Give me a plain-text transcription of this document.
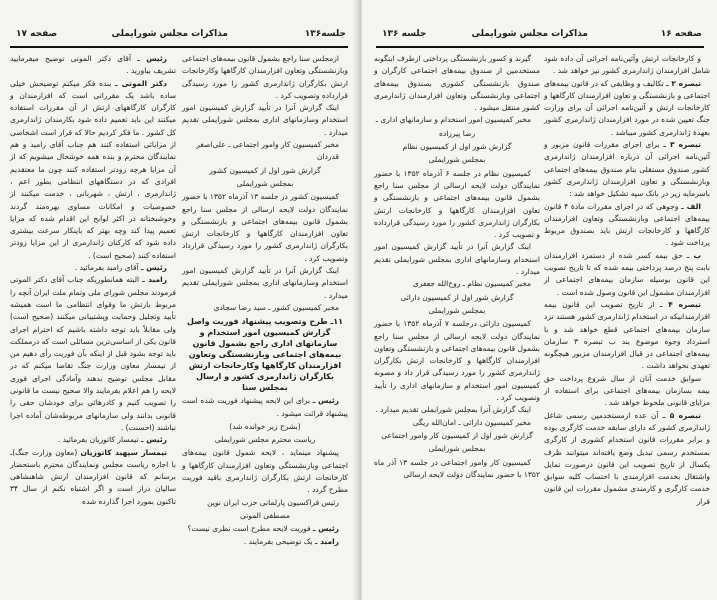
جلسه۱۳۶
مذاکرات مجلس شورایملی
صفحه ۱۷
ازمجلس سنا راجع بشمول قانون بیمه‌های اجتماعی وبازنشستگی وتعاون افزارمندان کارگاهها وکارخانجات ارتش بکارگران ژاندارمری کشور را مورد رسیدگی قرارداده وتصویب کرد .
اینک گزارش آنرا در تأیید گزارش کمیسیون امور استخدام وسازمانهای اداری بمجلس شورایملی تقدیم میدارد .
مخبر کمیسیون کار وامور اجتماعی ـ علی‌اصغر قدردان
گزارش شور اول از کمیسیون کشور
بمجلس شورایملی
کمیسیون کشور در جلسه ۱۳ آذرماه ۱۳۵۲ با حضور نمایندگان دولت لایحه ارسالی از مجلس سنا راجع بشمول قانون بیمه‌های اجتماعی و بازنشستگی و تعاون افزارمندان کارگاهها و کارخانجات ارتش بکارگران ژاندارمری کشور را مورد رسیدگی قرارداد وتصویب کرد .
اینک گزارش آنرا در تأیید گزارش کمیسیون امور استخدام وسازمانهای اداری بمجلس شورایملی تقدیم میدارد .
مخبر کمیسیون کشور ـ سید رضا سجادی
۱۱ـ طرح وتصویب پیشنهاد فوریت واصل گزارش کمیسیون امور استخدام و سازمانهای اداری راجع بشمول قانون بیمه‌های اجتماعی وبازنشستگی وتعاون افزارمندان کارگاهها وکارخانجات ارتش بکارگران ژاندارمری کشور و ارسال بمجلس سنا
رئیس ـ برای این لایحه پیشنهاد فوریت شده است پیشنهاد قرائت میشود .
(بشرح زیر خوانده شد)
ریاست محترم مجلس شورایملی
پیشنهاد مینماید ، لایحه شمول قانون بیمه‌های اجتماعی وبازنشستگی وتعاون افزارمندان کارگاهها و کارخانجات ارتش بکارگران ژاندارمری باقید فوریت مطرح گردد .
رئیس فراکسیون پارلمانی حزب ایران نوین
مصطفی الموتی
رئیس ـ فوریت لایحه مطرح است نظری نیست؟
رامبد ـ یک توضیحی بفرمایند .
رئیس ـ آقای دکتر الموتی توضیح میفرمایید تشریف بیاورید .
دکتر الموتی ـ بنده فکر میکنم توضیحش خیلی ساده باشد یک مقرراتی است که افزارمندان و کارگران کارگاههای ارتش از آن مقررات استفاده میکنند این باید تعمیم داده شود بکارمندان ژاندارمری کل کشور . ما فکر کردیم حالا که قرار است اشخاصی از مزایائی استفاده کنند هم جناب آقای رامبد و هم نمایندگان محترم و بنده همه خوشحال میشویم که از آن مزایا هرچه زودتر استفاده کنند چون ما معتقدیم افرادی که در دستگاههای انتظامی بطور اعم ، ژاندارمری ، ارتش ، شهربانی ، خدمت میکنند از خصوصیات و امکانات مساوی بهره‌مند گردند وخوشبختانه در اکثر لوایح این اقدام شده که مزایا تعمیم پیدا کند وچه بهتر که باینکار سرعت بیشتری داده شود که کارکنان ژاندارمری از این مزایا زودتر استفاده کنند (صحیح است) .
رئیس ـ آقای رامبد بفرمائید .
رامبد ـ البته همانطوریکه جناب آقای دکتر الموتی فرمودند مجلس شورای ملی وتمام ملت ایران آنچه را مربوط بارتش ما وقوای انتظامی ما است همیشه تأیید وتجلیل وحمایت وپشتیبانی میکنند (صحیح است) ولی مقابلاً باید توجه داشته باشیم که احترام اجرای قانون یکی از اساسی‌ترین مسائلی است که درمملکت باید توجه بشود قبل از اینکه بآن فوریت رأی دهیم من از تیمسار معاون وزارت جنگ تقاضا میکنم که در مقابل مجلس توضیح بدهند وآمادگی اجرای فوری لایحه را هم اعلام بفرمایند والا صحیح نیست ما قانونی را تصویب کنیم و کادرهائی برای خودشان حقی را قانونی بدانند ولی سازمانهای مربوطه‌شان آماده اجرا نباشند (احسنت) .
رئیس ـ تیمسار کاتوزیان بفرمائید .
تیمسار سپهبد کاتوزیان (معاون وزارت جنگ)ـ با اجازه ریاست مجلس ونمایندگان محترم باستحضار برسانم که قانون افزارمندان ارتش شاهنشاهی سالیان دراز است و اگر اشتباه نکنم از سال ۳۴ تاکنون بمورد اجرا گذارده شده
جلسه ۱۳۶	مذاکرات مجلس شورایملی	صفحه ۱۶
گیرند و کسور بازنشستگی پرداختی ازطرف اینگونه مستخدمین از صندوق بیمه‌های اجتماعی کارگران و صندوق بازنشستگی کشوری بصندوق بیمه‌های اجتماعی وبازنشستگی وتعاون افزارمندان ژاندارمری کشور منتقل میشود .
مخبر کمیسیون امور استخدام و سازمانهای اداری ـ
رضا پیرزاده
گزارش شور اول از کمیسیون نظام
بمجلس شورایملی
کمیسیون نظام در جلسه ۶ آذرماه ۱۳۵۲ با حضور نمایندگان دولت لایحه ارسالی از مجلس سنا راجع بشمول قانون بیمه‌های اجتماعی و بازنشستگی و تعاون افزارمندان کارگاهها و کارخانجات ارتش بکارگران ژاندارمری کشور را مورد رسیدگی قرارداده و تصویب کرد .
اینک گزارش آنرا در تأیید گزارش کمیسیون امور استخدام وسازمانهای اداری بمجلس شورایملی تقدیم میدارد .
مخبر کمیسیون نظام ـ روح‌الله جعفری
گزارش شور اول از کمیسیون دارائی
بمجلس شورایملی
کمیسیون دارائی درجلسه ۷ آذرماه ۱۳۵۲ با حضور نمایندگان دولت لایحه ارسالی از مجلس سنا راجع بشمول قانون بیمه‌های اجتماعی و بازنشستگی وتعاون افزارمندان کارگاهها و کارخانجات ارتش بکارگران ژاندارمری کشور را مورد رسیدگی قرار داد و مصوبه کمیسیون امور استخدام و سازمانهای اداری را تأیید وتصویب کرد .
اینک گزارش آنرا بمجلس شورایملی تقدیم میدارد .
مخبر کمیسیون دارائی ـ امان‌الله ریگی
گزارش شور اول از کمیسیون کار وامور اجتماعی
بمجلس شورایملی
کمیسیون کار وامور اجتماعی در جلسه ۱۳ آذر ماه ۱۳۵۲ با حضور نمایندگان دولت لایحه ارسالی
و کارخانجات ارتش وآئین‌نامه اجرائی آن داده شود شامل افزارمندان ژاندارمری کشور نیز خواهد شد .
تبصره ۲ ـ تکالیف و وظایفی که در قانون بیمه‌های اجتماعی و بازنشستگی و تعاون افزارمندان کارگاهها و کارخانجات ارتش و آئین‌نامه اجرائی آن برای وزارت جنگ تعیین شده در مورد افزارمندان ژاندارمری کشور بعهدهٔ ژاندارمری کشور میباشد .
تبصره ۳ ـ برای اجرای مقررات قانون مزبور و آئین‌نامه اجرائی آن درباره افزارمندان ژاندارمری کشور صندوق مستقلی بنام صندوق بیمه‌های اجتماعی وبازنشستگی و تعاون افزارمندان ژاندارمری کشور باسرمایه زیر در بانک سپه تشکیل خواهد شد :
الف ـ وجوهی که در اجرای مقررات مادهٔ ۴ قانون بیمه‌های اجتماعی وبازنشستگی وتعاون افزارمندان کارگاهها و کارخانجات ارتش باید بصندوق مربوط پرداخت شود .
ب ـ حق بیمه کسر شده از دستمزد افزارمندان بابت پنج درصد پرداختی بیمه شده که تا تاریخ تصویب این قانون بوسیله سازمان بیمه‌های اجتماعی از افزارمندان مشمول این قانون وصول شده است .
تبصره ۴ ـ از تاریخ تصویب این قانون بیمه افزارمندانیکه در استخدام ژاندارمری کشور هستند نزد سازمان بیمه‌های اجتماعی قطع خواهد شد و با استرداد وجوه موضوع بند ب تبصره ۳ سازمان بیمه‌های اجتماعی در قبال افزارمندان مزبور هیچگونه تعهدی نخواهد داشت .
سوابق خدمت آنان از سال شروع پرداخت حق بیمه بسازمان بیمه‌های اجتماعی برای استفاده از مزایای قانونی ملحوظ خواهد شد .
تبصره ۵ ـ آن عده ازمستخدمین رسمی شاغل ژاندارمری کشور که دارای سابقه خدمت کارگری بوده و برابر مقررات قانون استخدام کشوری از کارگری بمستخدم رسمی تبدیل وضع یافته‌اند میتوانند ظرف یکسال از تاریخ تصویب این قانون درصورت تمایل واشتغال بخدمت افزارمندی با احتساب کلیه سوابق خدمت کارگری و کارمندی مشمول مقررات این قانون قرار
